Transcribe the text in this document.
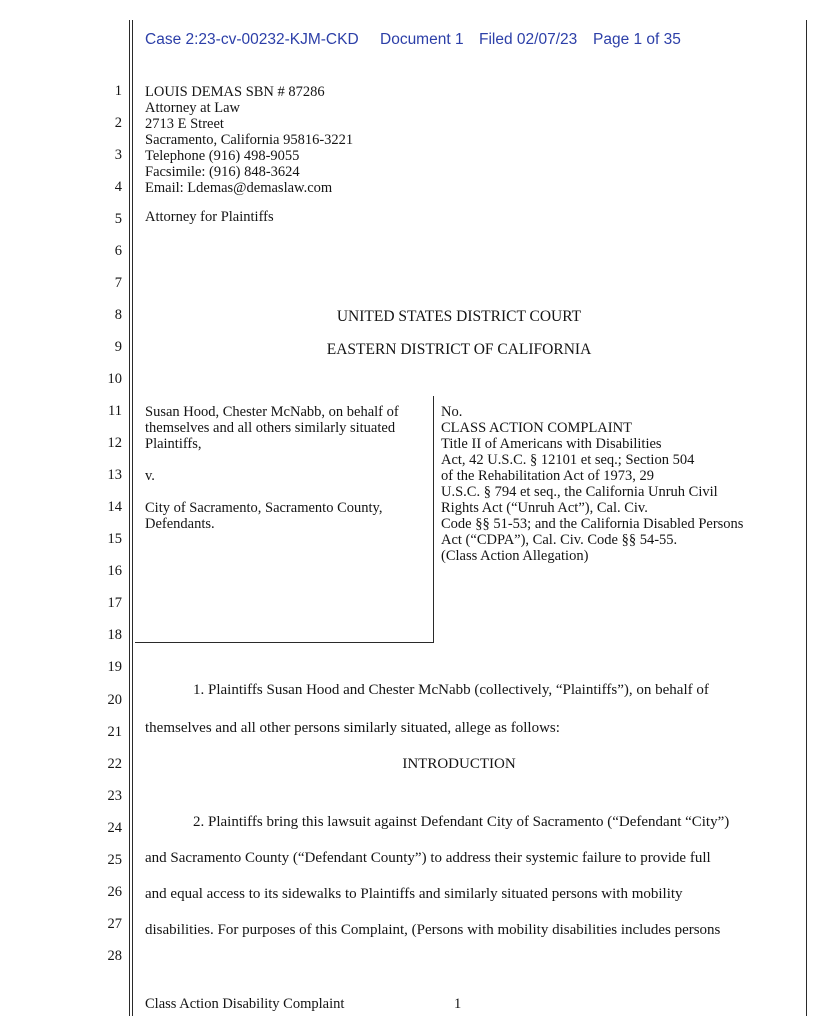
Case 2:23-cv-00232-KJM-CKD Document 1 Filed 02/07/23 Page 1 of 35
1
2
3
4
5
6
7
8
9
10
11
12
13
14
15
16
17
18
19
20
21
22
23
24
25
26
27
28
LOUIS DEMAS SBN # 87286
Attorney at Law
2713 E Street
Sacramento, California 95816-3221
Telephone (916) 498-9055
Facsimile: (916) 848-3624
Email: Ldemas@demaslaw.com
Attorney for Plaintiffs
UNITED STATES DISTRICT COURT
EASTERN DISTRICT OF CALIFORNIA
Susan Hood, Chester McNabb, on behalf of
themselves and all others similarly situated
Plaintiffs,
v.
City of Sacramento, Sacramento County,
Defendants.
No.
CLASS ACTION COMPLAINT
Title II of Americans with Disabilities
Act, 42 U.S.C. § 12101 et seq.; Section 504
of the Rehabilitation Act of 1973, 29
U.S.C. § 794 et seq., the California Unruh Civil
Rights Act (“Unruh Act”), Cal. Civ.
Code §§ 51-53; and the California Disabled Persons
Act (“CDPA”), Cal. Civ. Code §§ 54-55.
(Class Action Allegation)
1. Plaintiffs Susan Hood and Chester McNabb (collectively, “Plaintiffs”), on behalf of
themselves and all other persons similarly situated, allege as follows:
INTRODUCTION
2. Plaintiffs bring this lawsuit against Defendant City of Sacramento (“Defendant “City”)
and Sacramento County (“Defendant County”) to address their systemic failure to provide full
and equal access to its sidewalks to Plaintiffs and similarly situated persons with mobility
disabilities. For purposes of this Complaint, (Persons with mobility disabilities includes persons
Class Action Disability Complaint	1
